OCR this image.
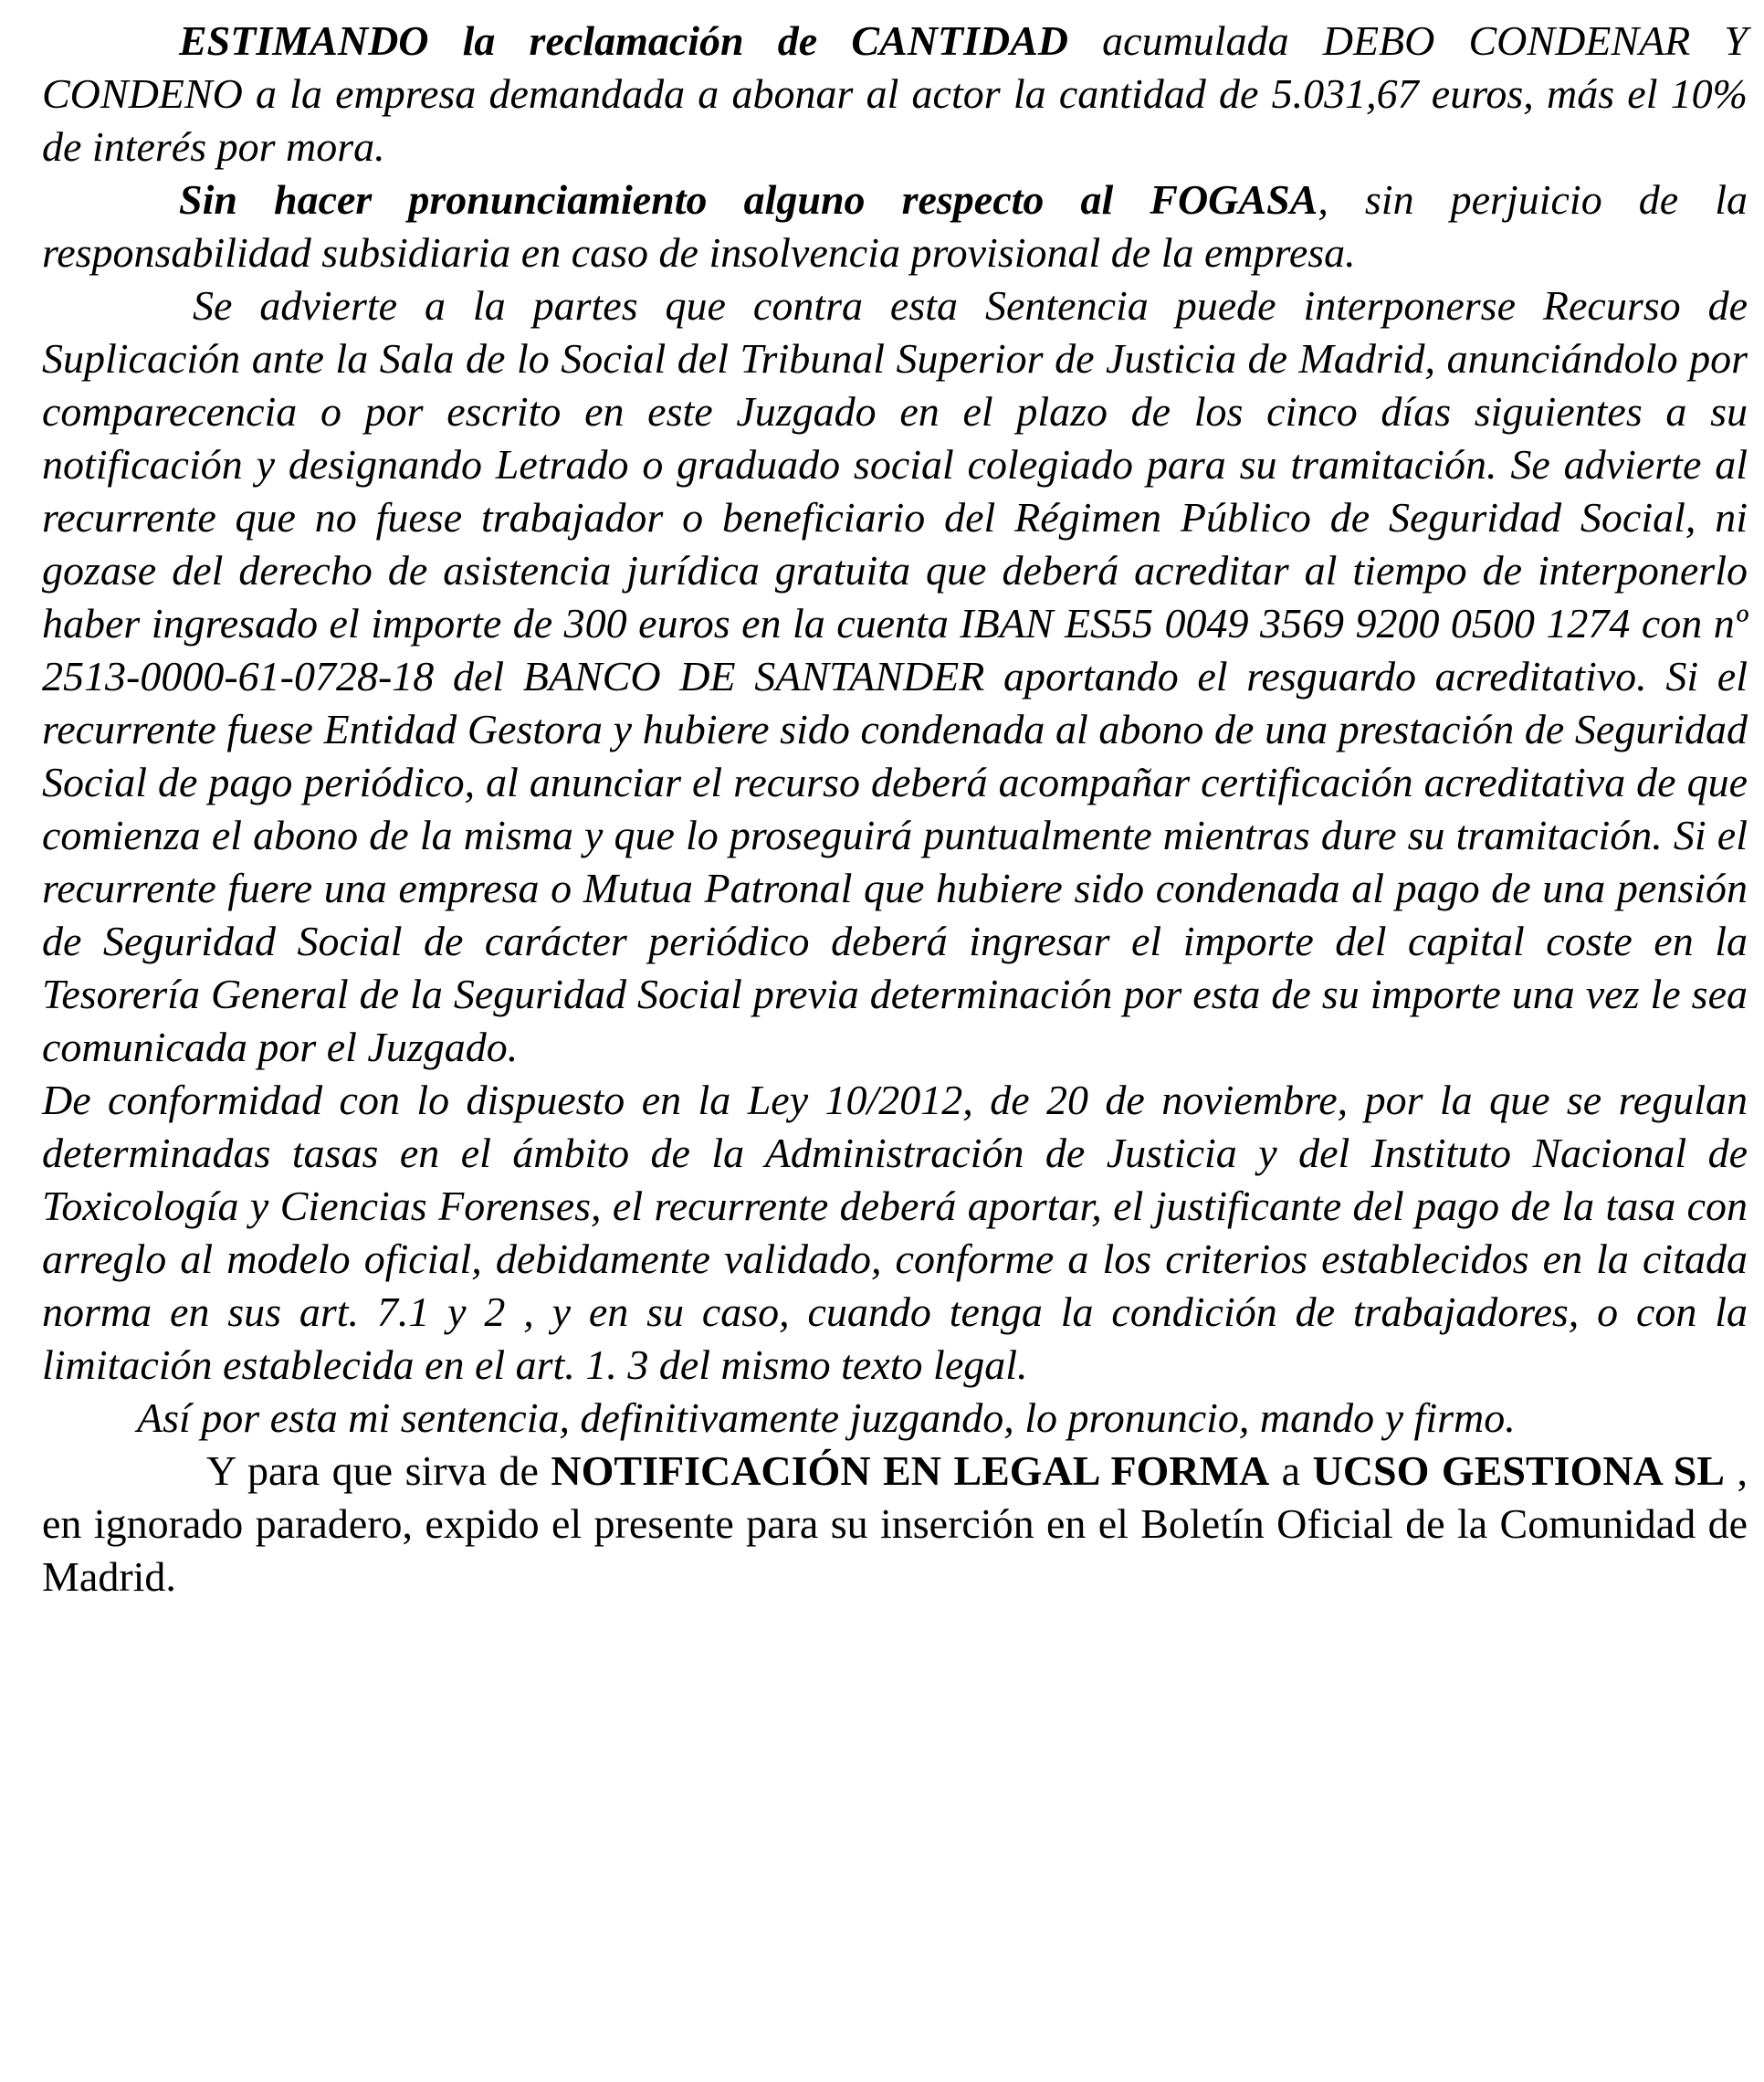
ESTIMANDO la reclamación de CANTIDAD acumulada DEBO CONDENAR Y CONDENO a la empresa demandada a abonar al actor la cantidad de 5.031,67 euros, más el 10% de interés por mora.

Sin hacer pronunciamiento alguno respecto al FOGASA, sin perjuicio de la responsabilidad subsidiaria en caso de insolvencia provisional de la empresa.

Se advierte a la partes que contra esta Sentencia puede interponerse Recurso de Suplicación ante la Sala de lo Social del Tribunal Superior de Justicia de Madrid, anunciándolo por comparecencia o por escrito en este Juzgado en el plazo de los cinco días siguientes a su notificación y designando Letrado o graduado social colegiado para su tramitación. Se advierte al recurrente que no fuese trabajador o beneficiario del Régimen Público de Seguridad Social, ni gozase del derecho de asistencia jurídica gratuita que deberá acreditar al tiempo de interponerlo haber ingresado el importe de 300 euros en la cuenta IBAN ES55 0049 3569 9200 0500 1274 con nº 2513-0000-61-0728-18 del BANCO DE SANTANDER aportando el resguardo acreditativo. Si el recurrente fuese Entidad Gestora y hubiere sido condenada al abono de una prestación de Seguridad Social de pago periódico, al anunciar el recurso deberá acompañar certificación acreditativa de que comienza el abono de la misma y que lo proseguirá puntualmente mientras dure su tramitación. Si el recurrente fuere una empresa o Mutua Patronal que hubiere sido condenada al pago de una pensión de Seguridad Social de carácter periódico deberá ingresar el importe del capital coste en la Tesorería General de la Seguridad Social previa determinación por esta de su importe una vez le sea comunicada por el Juzgado.

De conformidad con lo dispuesto en la Ley 10/2012, de 20 de noviembre, por la que se regulan determinadas tasas en el ámbito de la Administración de Justicia y del Instituto Nacional de Toxicología y Ciencias Forenses, el recurrente deberá aportar, el justificante del pago de la tasa con arreglo al modelo oficial, debidamente validado, conforme a los criterios establecidos en la citada norma en sus art. 7.1 y 2 , y en su caso, cuando tenga la condición de trabajadores, o con la limitación establecida en el art. 1. 3 del mismo texto legal.

Así por esta mi sentencia, definitivamente juzgando, lo pronuncio, mando y firmo.

Y para que sirva de NOTIFICACIÓN EN LEGAL FORMA a UCSO GESTIONA SL , en ignorado paradero, expido el presente para su inserción en el Boletín Oficial de la Comunidad de Madrid.
